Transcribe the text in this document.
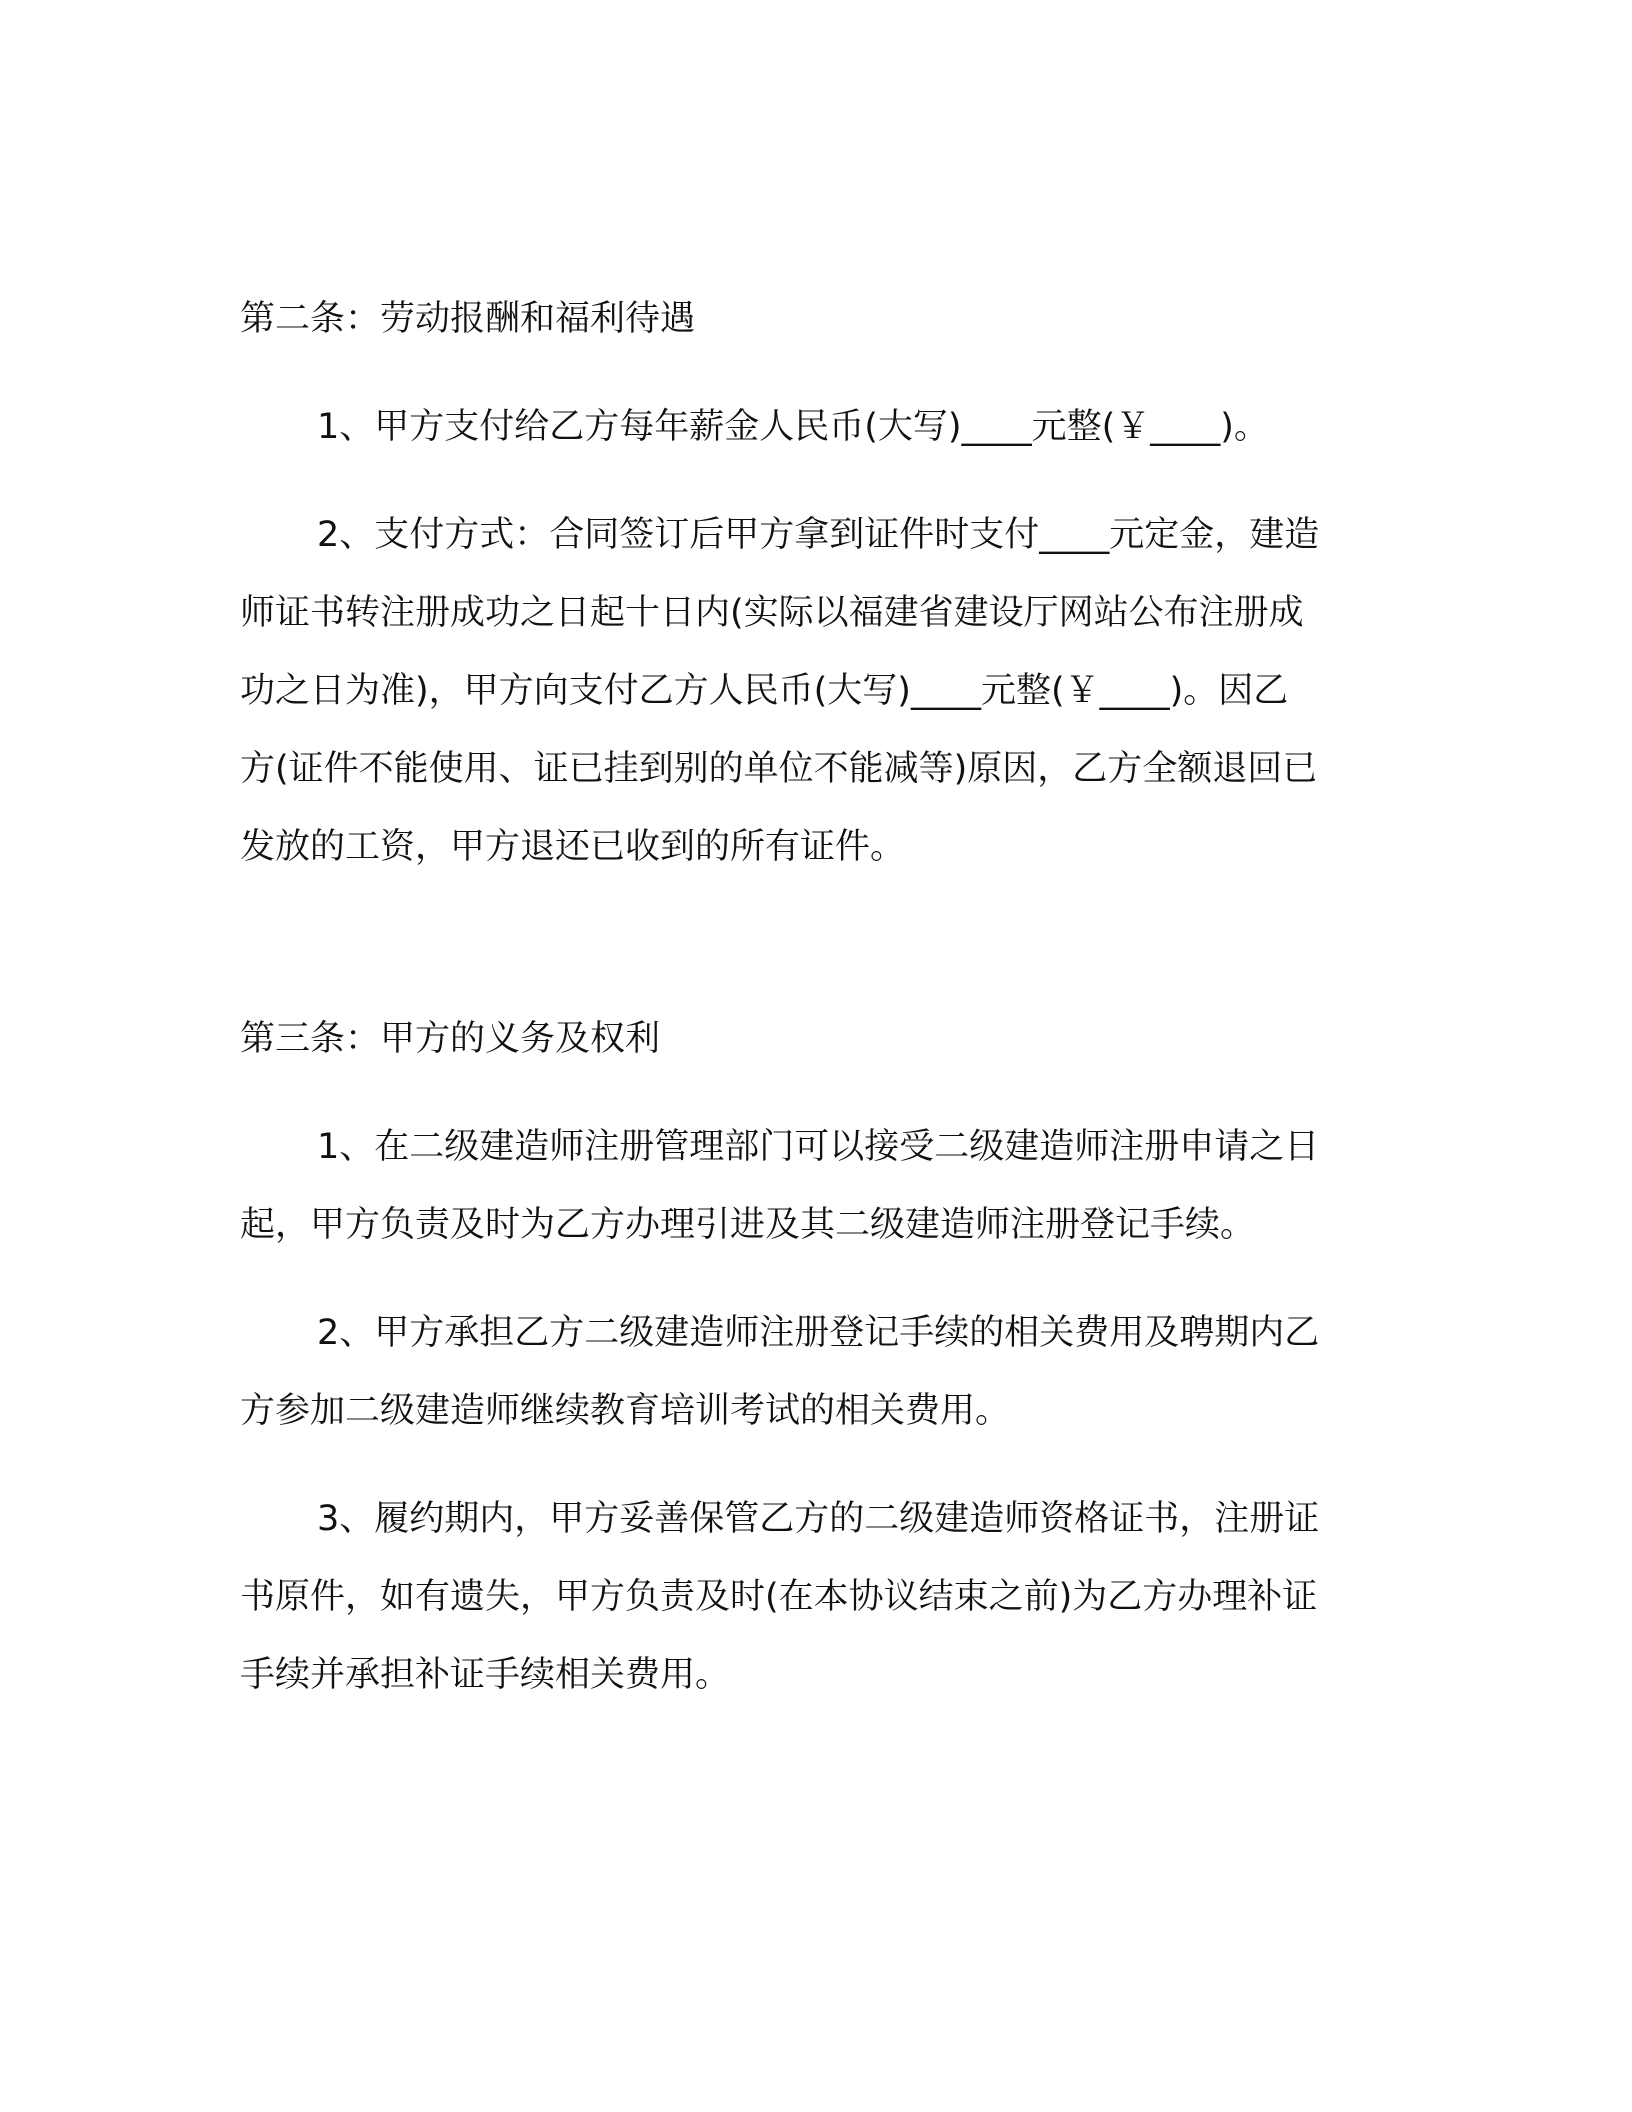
第二条：劳动报酬和福利待遇

1、甲方支付给乙方每年薪金人民币(大写)____元整(￥____)。

2、支付方式：合同签订后甲方拿到证件时支付____元定金，建造
师证书转注册成功之日起十日内(实际以福建省建设厅网站公布注册成
功之日为准)，甲方向支付乙方人民币(大写)____元整(￥____)。因乙
方(证件不能使用、证已挂到别的单位不能减等)原因，乙方全额退回已
发放的工资，甲方退还已收到的所有证件。

第三条：甲方的义务及权利

1、在二级建造师注册管理部门可以接受二级建造师注册申请之日
起，甲方负责及时为乙方办理引进及其二级建造师注册登记手续。
2、甲方承担乙方二级建造师注册登记手续的相关费用及聘期内乙
方参加二级建造师继续教育培训考试的相关费用。
3、履约期内，甲方妥善保管乙方的二级建造师资格证书，注册证
书原件，如有遗失，甲方负责及时(在本协议结束之前)为乙方办理补证
手续并承担补证手续相关费用。
